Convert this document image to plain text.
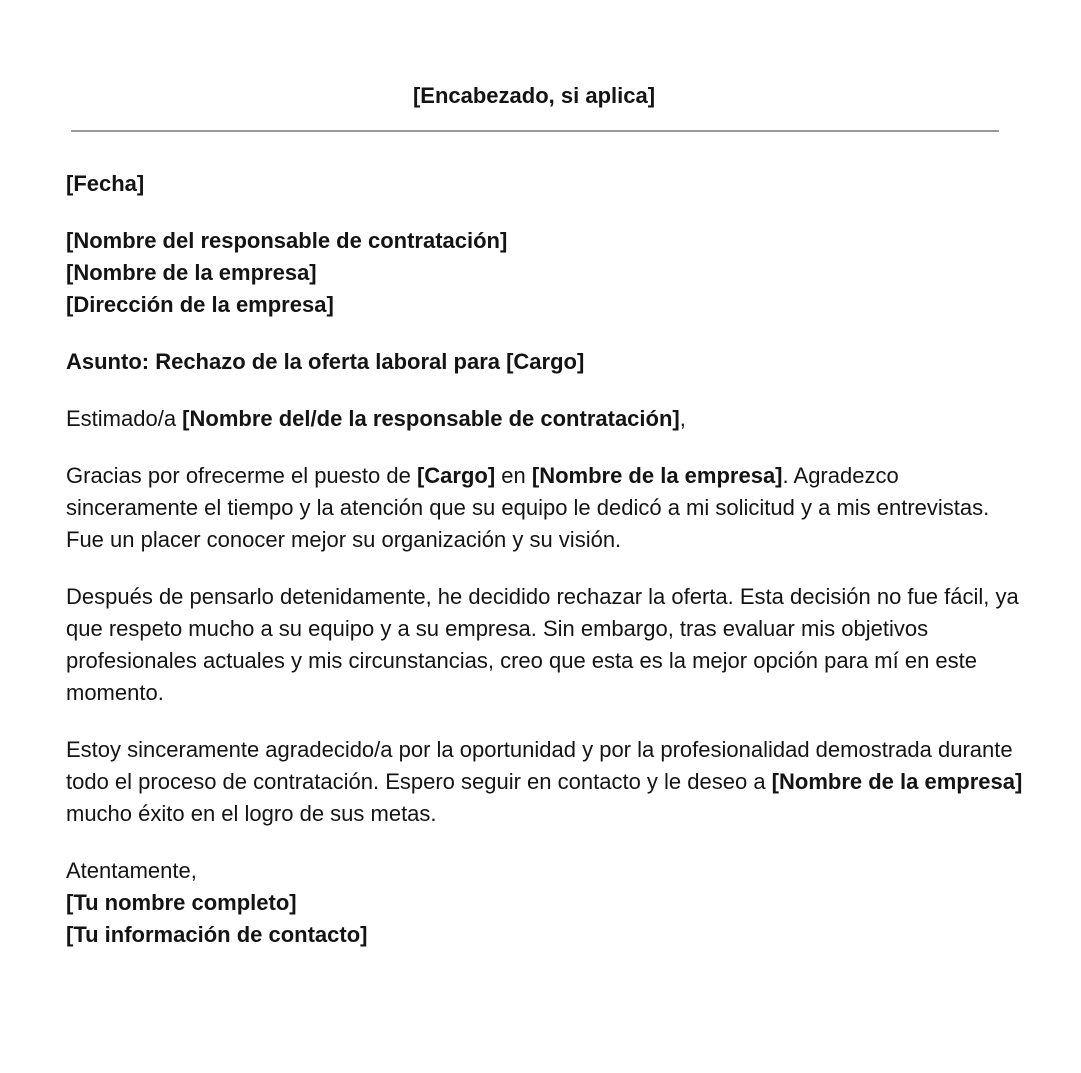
[Encabezado, si aplica]
[Fecha]
[Nombre del responsable de contratación]
[Nombre de la empresa]
[Dirección de la empresa]
Asunto: Rechazo de la oferta laboral para [Cargo]
Estimado/a [Nombre del/de la responsable de contratación],
Gracias por ofrecerme el puesto de [Cargo] en [Nombre de la empresa]. Agradezco sinceramente el tiempo y la atención que su equipo le dedicó a mi solicitud y a mis entrevistas. Fue un placer conocer mejor su organización y su visión.
Después de pensarlo detenidamente, he decidido rechazar la oferta. Esta decisión no fue fácil, ya que respeto mucho a su equipo y a su empresa. Sin embargo, tras evaluar mis objetivos profesionales actuales y mis circunstancias, creo que esta es la mejor opción para mí en este momento.
Estoy sinceramente agradecido/a por la oportunidad y por la profesionalidad demostrada durante todo el proceso de contratación. Espero seguir en contacto y le deseo a [Nombre de la empresa] mucho éxito en el logro de sus metas.
Atentamente,
[Tu nombre completo]
[Tu información de contacto]
